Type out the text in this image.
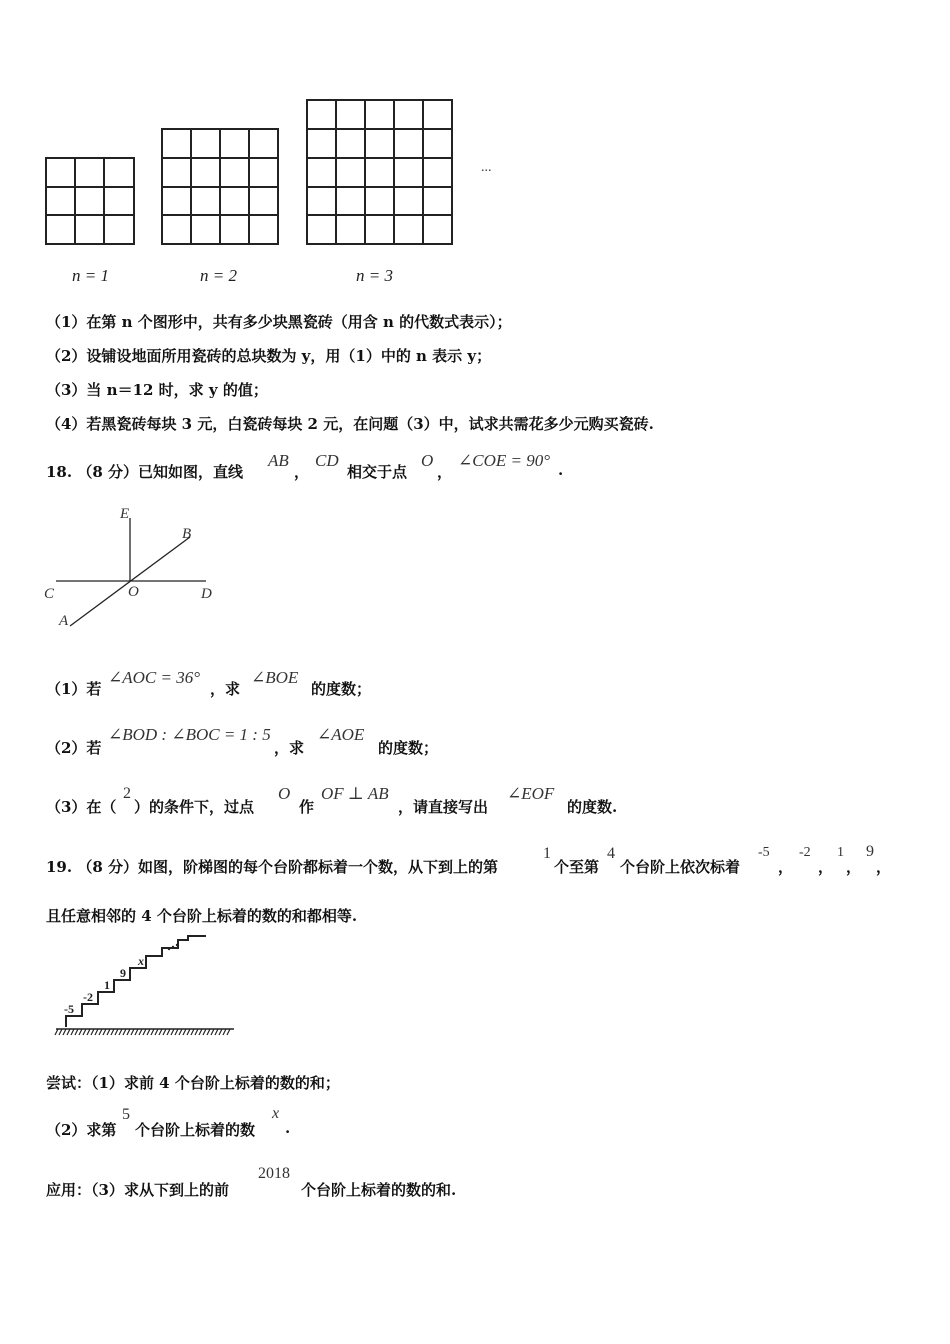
...
n = 1	n = 2	n = 3
（1）在第 n 个图形中，共有多少块黑瓷砖（用含 n 的代数式表示）；
（2）设铺设地面所用瓷砖的总块数为 y，用（1）中的 n 表示 y；
（3）当 n＝12 时，求 y 的值；
（4）若黑瓷砖每块 3 元，白瓷砖每块 2 元，在问题（3）中，试求共需花多少元购买瓷砖.
18. （8 分）已知如图，直线
AB
，
CD
相交于点
O
，
∠COE = 90° .
E
B
C	O	D
A
（1）若
∠AOC = 36°
，求
∠BOE
的度数；
（2）若
∠BOD : ∠BOC = 1 : 5
，求
∠AOE
的度数；
（3）在（
2
）的条件下，过点
O
作
OF ⊥ AB
，请直接写出
∠EOF
的度数.
19. （8 分）如图，阶梯图的每个台阶都标着一个数，从下到上的第
1
个至第
4
个台阶上依次标着
-5
，
-2
，
1
，
9
，
且任意相邻的 4 个台阶上标着的数的和都相等.
-5
-2
1
9
x
尝试：（1）求前 4 个台阶上标着的数的和；
（2）求第
5
个台阶上标着的数
x
.
应用：（3）求从下到上的前
2018
个台阶上标着的数的和.
